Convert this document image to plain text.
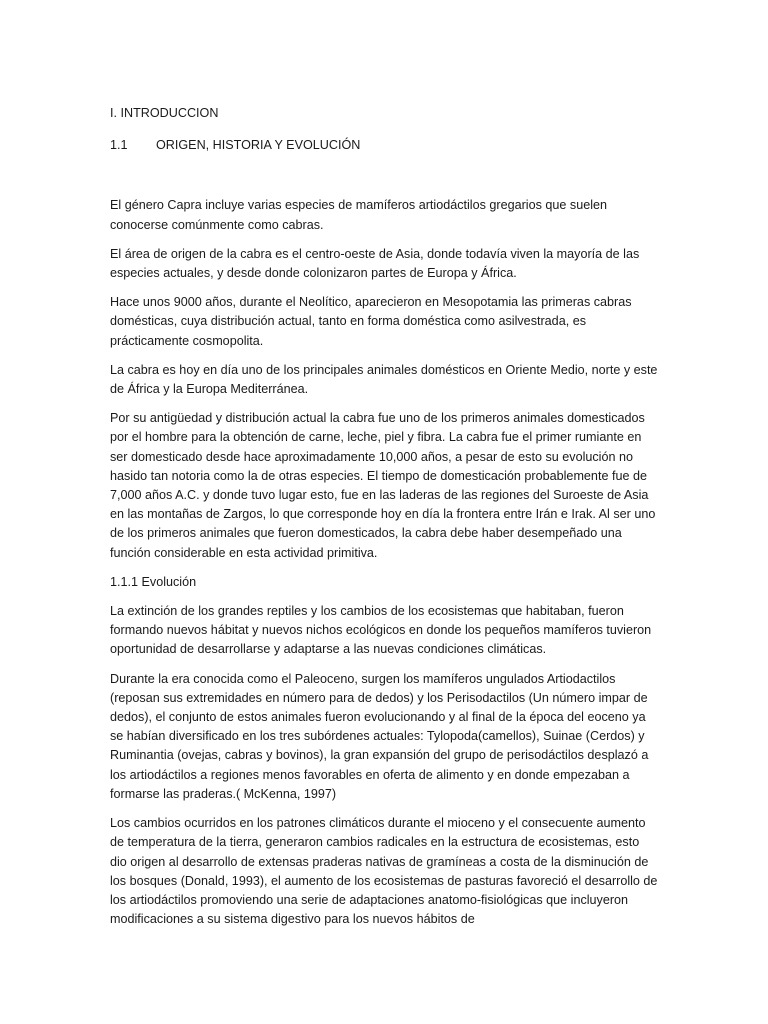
I. INTRODUCCION
1.1	ORIGEN, HISTORIA Y EVOLUCIÓN

El género Capra incluye varias especies de mamíferos artiodáctilos gregarios que suelen conocerse comúnmente como cabras.

El área de origen de la cabra es el centro-oeste de Asia, donde todavía viven la mayoría de las especies actuales, y desde donde colonizaron partes de Europa y África.

Hace unos 9000 años, durante el Neolítico, aparecieron en Mesopotamia las primeras cabras domésticas, cuya distribución actual, tanto en forma doméstica como asilvestrada, es prácticamente cosmopolita.

La cabra es hoy en día uno de los principales animales domésticos en Oriente Medio, norte y este de África y la Europa Mediterránea.

Por su antigüedad y distribución actual la cabra fue uno de los primeros animales domesticados por el hombre para la obtención de carne, leche, piel y fibra. La cabra fue el primer rumiante en ser domesticado desde hace aproximadamente 10,000 años, a pesar de esto su evolución no hasido tan notoria como la de otras especies. El tiempo de domesticación probablemente fue de 7,000 años A.C. y donde tuvo lugar esto, fue en las laderas de las regiones del Suroeste de Asia en las montañas de Zargos, lo que corresponde hoy en día la frontera entre Irán e Irak. Al ser uno de los primeros animales que fueron domesticados, la cabra debe haber desempeñado una función considerable en esta actividad primitiva.

1.1.1 Evolución

La extinción de los grandes reptiles y los cambios de los ecosistemas que habitaban, fueron formando nuevos hábitat y nuevos nichos ecológicos en donde los pequeños mamíferos tuvieron oportunidad de desarrollarse y adaptarse a las nuevas condiciones climáticas.

Durante la era conocida como el Paleoceno, surgen los mamíferos ungulados Artiodactilos (reposan sus extremidades en número para de dedos) y los Perisodactilos (Un número impar de dedos), el conjunto de estos animales fueron evolucionando y al final de la época del eoceno ya se habían diversificado en los tres subórdenes actuales: Tylopoda(camellos), Suinae (Cerdos) y Ruminantia (ovejas, cabras y bovinos), la gran expansión del grupo de perisodáctilos desplazó a los artiodáctilos a regiones menos favorables en oferta de alimento y en donde empezaban a formarse las praderas.( McKenna, 1997)

Los cambios ocurridos en los patrones climáticos durante el mioceno y el consecuente aumento de temperatura de la tierra, generaron cambios radicales en la estructura de ecosistemas, esto dio origen al desarrollo de extensas praderas nativas de gramíneas a costa de la disminución de los bosques (Donald, 1993), el aumento de los ecosistemas de pasturas favoreció el desarrollo de los artiodáctilos promoviendo una serie de adaptaciones anatomo-fisiológicas que incluyeron modificaciones a su sistema digestivo para los nuevos hábitos de
